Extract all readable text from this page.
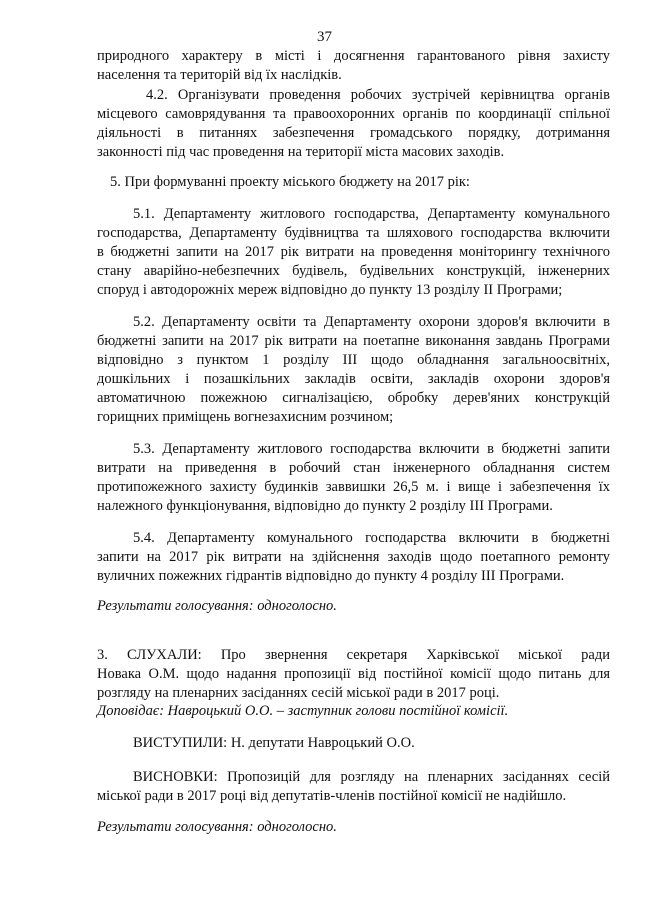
37
природного характеру в місті і досягнення гарантованого рівня захисту
населення та територій від їх наслідків.
4.2. Організувати проведення робочих зустрічей керівництва органів
місцевого самоврядування та правоохоронних органів по координації спільної
діяльності в питаннях забезпечення громадського порядку, дотримання
законності під час проведення на території міста масових заходів.
5. При формуванні проекту міського бюджету на 2017 рік:
5.1. Департаменту житлового господарства, Департаменту комунального
господарства, Департаменту будівництва та шляхового господарства включити
в бюджетні запити на 2017 рік витрати на проведення моніторингу технічного
стану аварійно-небезпечних будівель, будівельних конструкцій, інженерних
споруд і автодорожніх мереж відповідно до пункту 13 розділу ІІ Програми;
5.2. Департаменту освіти та Департаменту охорони здоров'я включити в
бюджетні запити на 2017 рік витрати на поетапне виконання завдань Програми
відповідно з пунктом 1 розділу ІІІ щодо обладнання загальноосвітніх,
дошкільних і позашкільних закладів освіти, закладів охорони здоров'я
автоматичною пожежною сигналізацією, обробку дерев'яних конструкцій
горищних приміщень вогнезахисним розчином;
5.3. Департаменту житлового господарства включити в бюджетні запити
витрати на приведення в робочий стан інженерного обладнання систем
протипожежного захисту будинків заввишки 26,5 м. і вище і забезпечення їх
належного функціонування, відповідно до пункту 2 розділу ІІІ Програми.
5.4. Департаменту комунального господарства включити в бюджетні
запити на 2017 рік витрати на здійснення заходів щодо поетапного ремонту
вуличних пожежних гідрантів відповідно до пункту 4 розділу ІІІ Програми.
Результати голосування: одноголосно.
3. СЛУХАЛИ: Про звернення секретаря Харківської міської ради
Новака О.М. щодо надання пропозиції від постійної комісії щодо питань для
розгляду на пленарних засіданнях сесій міської ради в 2017 році.
Доповідає: Навроцький О.О. – заступник голови постійної комісії.
ВИСТУПИЛИ: Н. депутати Навроцький О.О.
ВИСНОВКИ: Пропозицій для розгляду на пленарних засіданнях сесій
міської ради в 2017 році від депутатів-членів постійної комісії не надійшло.
Результати голосування: одноголосно.
